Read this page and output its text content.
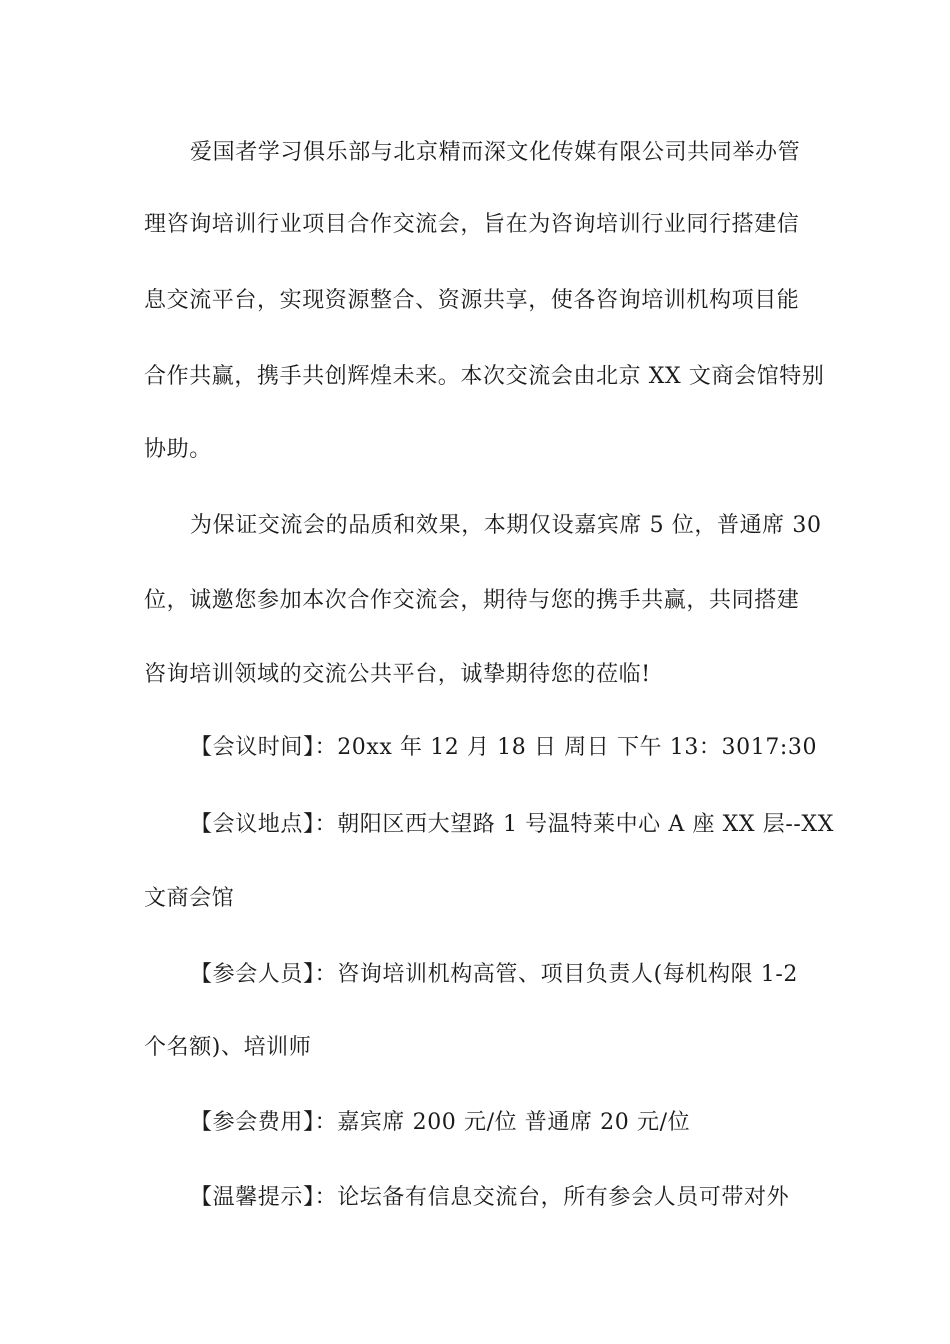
爱国者学习俱乐部与北京精而深文化传媒有限公司共同举办管
理咨询培训行业项目合作交流会，旨在为咨询培训行业同行搭建信
息交流平台，实现资源整合、资源共享，使各咨询培训机构项目能
合作共赢，携手共创辉煌未来。本次交流会由北京 XX 文商会馆特别
协助。
为保证交流会的品质和效果，本期仅设嘉宾席 5 位，普通席 30
位，诚邀您参加本次合作交流会，期待与您的携手共赢，共同搭建
咨询培训领域的交流公共平台，诚挚期待您的莅临!
【会议时间】：20xx 年 12 月 18 日 周日 下午 13：3017:30
【会议地点】：朝阳区西大望路 1 号温特莱中心 A 座 XX 层--XX
文商会馆
【参会人员】：咨询培训机构高管、项目负责人(每机构限 1-2
个名额)、培训师
【参会费用】：嘉宾席 200 元/位 普通席 20 元/位
【温馨提示】：论坛备有信息交流台，所有参会人员可带对外
